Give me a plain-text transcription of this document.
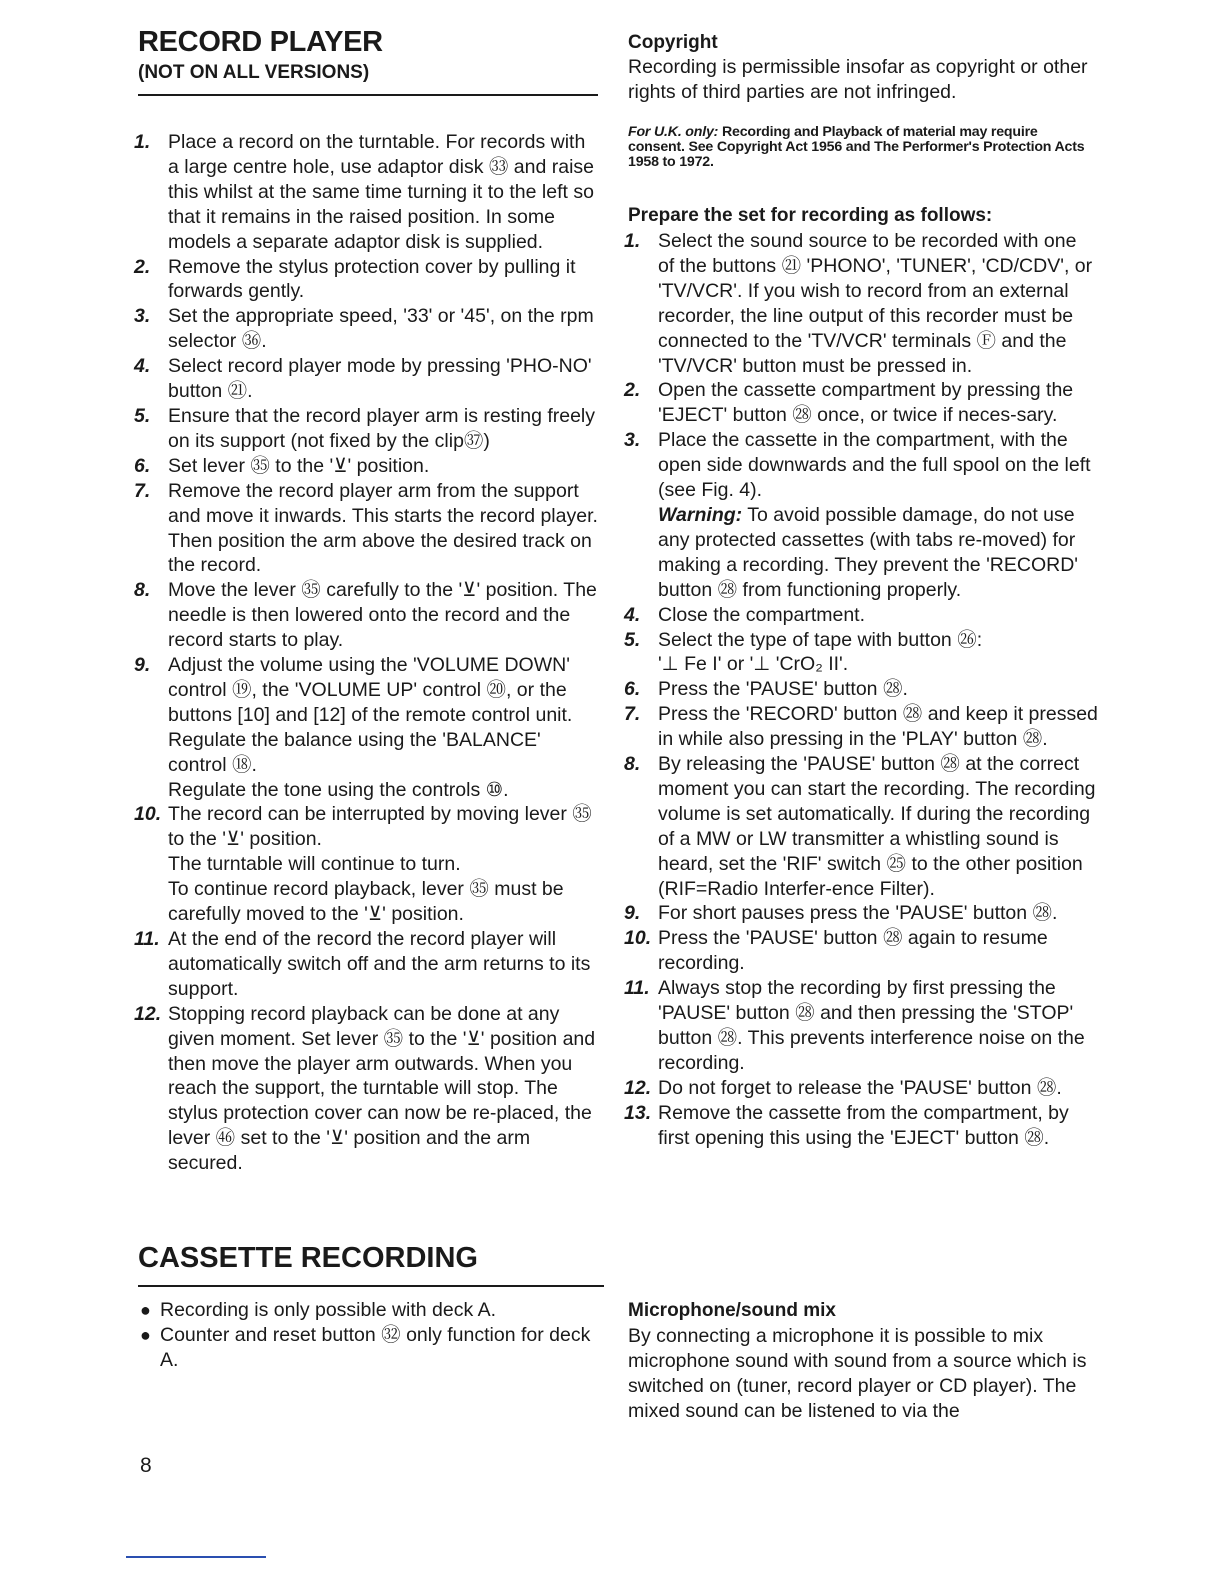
RECORD PLAYER
(NOT ON ALL VERSIONS)
1. Place a record on the turntable. For records with a large centre hole, use adaptor disk ㉝ and raise this whilst at the same time turning it to the left so that it remains in the raised position. In some models a separate adaptor disk is supplied.
2. Remove the stylus protection cover by pulling it forwards gently.
3. Set the appropriate speed, '33' or '45', on the rpm selector ㊱.
4. Select record player mode by pressing 'PHO-NO' button ㉑.
5. Ensure that the record player arm is resting freely on its support (not fixed by the clip㊲)
6. Set lever ㉟ to the '⊻' position.
7. Remove the record player arm from the support and move it inwards. This starts the record player. Then position the arm above the desired track on the record.
8. Move the lever ㉟ carefully to the '⊻' position. The needle is then lowered onto the record and the record starts to play.
9. Adjust the volume using the 'VOLUME DOWN' control ⑲, the 'VOLUME UP' control ⑳, or the buttons [10] and [12] of the remote control unit. Regulate the balance using the 'BALANCE' control ⑱.
Regulate the tone using the controls ⑩.
10. The record can be interrupted by moving lever ㉟ to the '⊻' position.
The turntable will continue to turn.
To continue record playback, lever ㉟ must be carefully moved to the '⊻' position.
11. At the end of the record the record player will automatically switch off and the arm returns to its support.
12. Stopping record playback can be done at any given moment. Set lever ㉟ to the '⊻' position and then move the player arm outwards. When you reach the support, the turntable will stop. The stylus protection cover can now be re-placed, the lever ㊻ set to the '⊻' position and the arm secured.
CASSETTE RECORDING
● Recording is only possible with deck A.
● Counter and reset button ㉜ only function for deck A.
8
Copyright
Recording is permissible insofar as copyright or other rights of third parties are not infringed.
For U.K. only: Recording and Playback of material may require consent. See Copyright Act 1956 and The Performer's Protection Acts 1958 to 1972.
Prepare the set for recording as follows:
1. Select the sound source to be recorded with one of the buttons ㉑ 'PHONO', 'TUNER', 'CD/CDV', or 'TV/VCR'. If you wish to record from an external recorder, the line output of this recorder must be connected to the 'TV/VCR' terminals Ⓕ and the 'TV/VCR' button must be pressed in.
2. Open the cassette compartment by pressing the 'EJECT' button ㉘ once, or twice if neces-sary.
3. Place the cassette in the compartment, with the open side downwards and the full spool on the left (see Fig. 4).
Warning: To avoid possible damage, do not use any protected cassettes (with tabs re-moved) for making a recording. They prevent the 'RECORD' button ㉘ from functioning properly.
4. Close the compartment.
5. Select the type of tape with button ㉖:
'⊥ Fe I' or '⊥ 'CrO₂ II'.
6. Press the 'PAUSE' button ㉘.
7. Press the 'RECORD' button ㉘ and keep it pressed in while also pressing in the 'PLAY' button ㉘.
8. By releasing the 'PAUSE' button ㉘ at the correct moment you can start the recording. The recording volume is set automatically. If during the recording of a MW or LW transmitter a whistling sound is heard, set the 'RIF' switch ㉕ to the other position (RIF=Radio Interfer-ence Filter).
9. For short pauses press the 'PAUSE' button ㉘.
10. Press the 'PAUSE' button ㉘ again to resume recording.
11. Always stop the recording by first pressing the 'PAUSE' button ㉘ and then pressing the 'STOP' button ㉘. This prevents interference noise on the recording.
12. Do not forget to release the 'PAUSE' button ㉘.
13. Remove the cassette from the compartment, by first opening this using the 'EJECT' button ㉘.
Microphone/sound mix
By connecting a microphone it is possible to mix microphone sound with sound from a source which is switched on (tuner, record player or CD player). The mixed sound can be listened to via the
